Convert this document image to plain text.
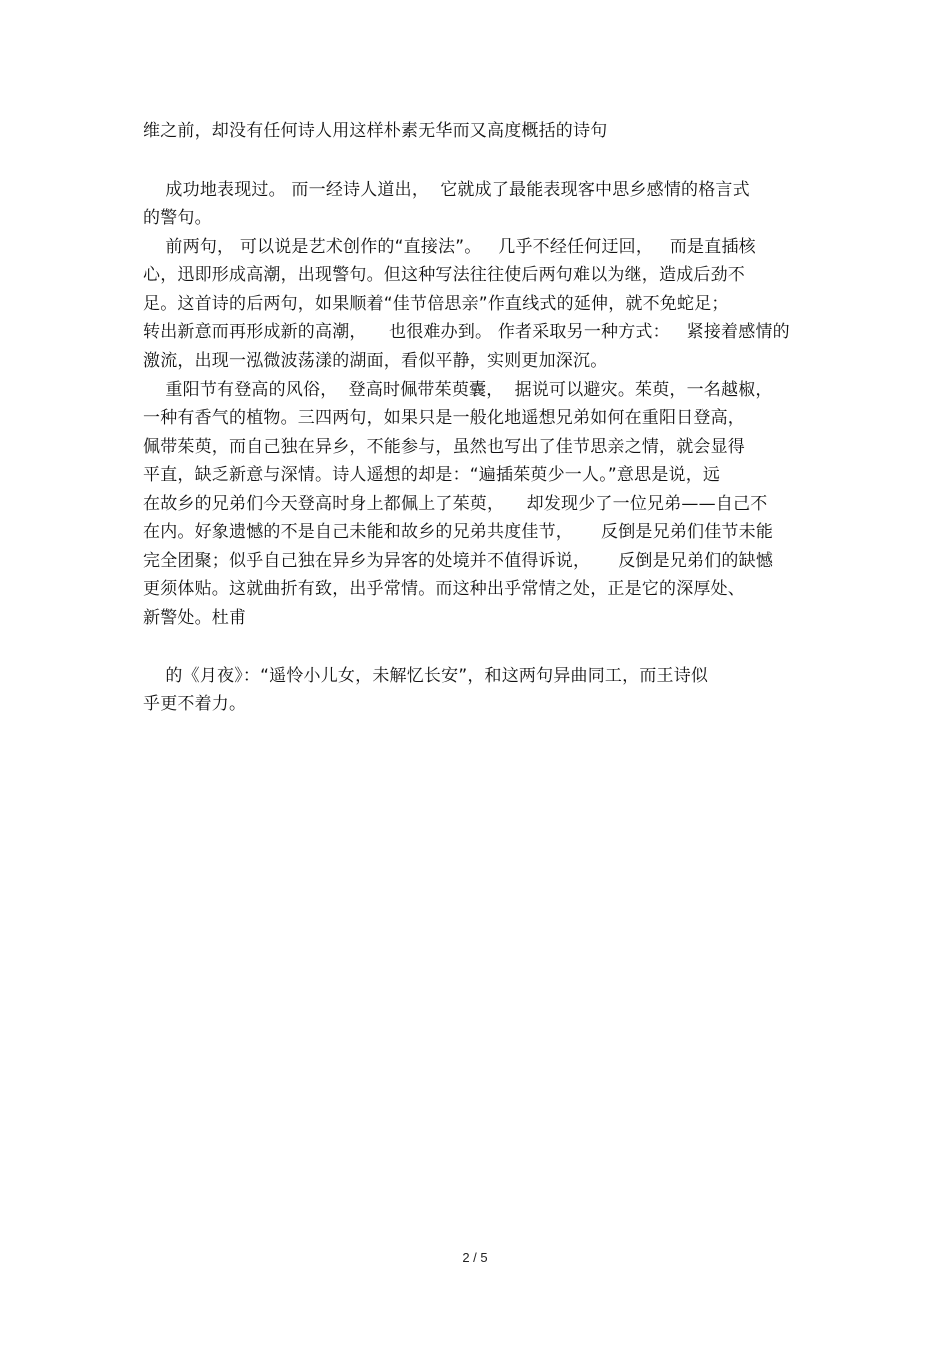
维之前，却没有任何诗人用这样朴素无华而又高度概括的诗句
成功地表现过。 而一经诗人道出，  它就成了最能表现客中思乡感情的格言式
的警句。
前两句， 可以说是艺术创作的“直接法”。   几乎不经任何迂回，   而是直插核
心，迅即形成高潮，出现警句。但这种写法往往使后两句难以为继，造成后劲不
足。这首诗的后两句，如果顺着“佳节倍思亲”作直线式的延伸，就不免蛇足；
转出新意而再形成新的高潮，    也很难办到。 作者采取另一种方式：   紧接着感情的
激流，出现一泓微波荡漾的湖面，看似平静，实则更加深沉。
重阳节有登高的风俗，  登高时佩带茱萸囊，  据说可以避灾。茱萸，一名越椒，
一种有香气的植物。三四两句，如果只是一般化地遥想兄弟如何在重阳日登高，
佩带茱萸，而自己独在异乡，不能参与，虽然也写出了佳节思亲之情，就会显得
平直，缺乏新意与深情。诗人遥想的却是：“遍插茱萸少一人。”意思是说，远
在故乡的兄弟们今天登高时身上都佩上了茱萸，    却发现少了一位兄弟——自己不
在内。好象遗憾的不是自己未能和故乡的兄弟共度佳节，     反倒是兄弟们佳节未能
完全团聚；似乎自己独在异乡为异客的处境并不值得诉说，     反倒是兄弟们的缺憾
更须体贴。这就曲折有致，出乎常情。而这种出乎常情之处，正是它的深厚处、
新警处。杜甫
的《月夜》：“遥怜小儿女，未解忆长安”，和这两句异曲同工，而王诗似
乎更不着力。
2 / 5
